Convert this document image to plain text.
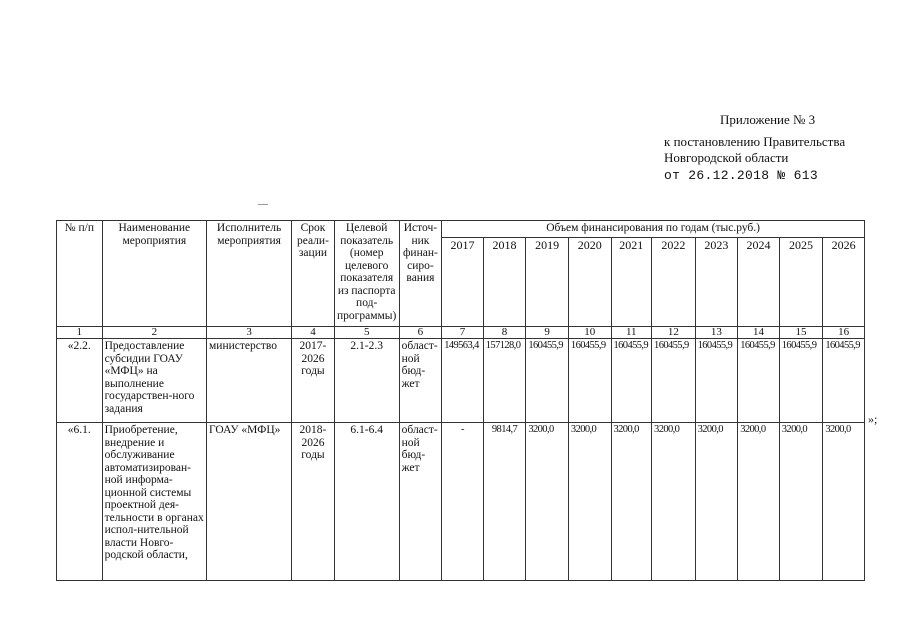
Приложение № 3
к постановлению Правительства
Новгородской области
от 26.12.2018 № 613
№ п/п	Наименование мероприятия	Исполнитель мероприятия	Срок реали-зации	Целевой показатель (номер целевого показателя из паспорта под-программы)	Источ-ник финан-сиро-вания	Объем финансирования по годам (тыс.руб.)									
						2017	2018	2019	2020	2021	2022	2023	2024	2025	2026
1	2	3	4	5	6	7	8	9	10	11	12	13	14	15	16
«2.2.	Предоставление субсидии ГОАУ «МФЦ» на выполнение государствен-ного задания	министерство	2017-2026 годы	2.1-2.3	област-ной бюд-жет	149563,4	157128,0	160455,9	160455,9	160455,9	160455,9	160455,9	160455,9	160455,9	160455,9
«6.1.	Приобретение, внедрение и обслуживание автоматизирован-ной информа-ционной системы проектной дея-тельности в органах испол-нительной власти Новго-родской области,	ГОАУ «МФЦ»	2018-2026 годы	6.1-6.4	област-ной бюд-жет	-	9814,7	3200,0	3200,0	3200,0	3200,0	3200,0	3200,0	3200,0	3200,0
»;
